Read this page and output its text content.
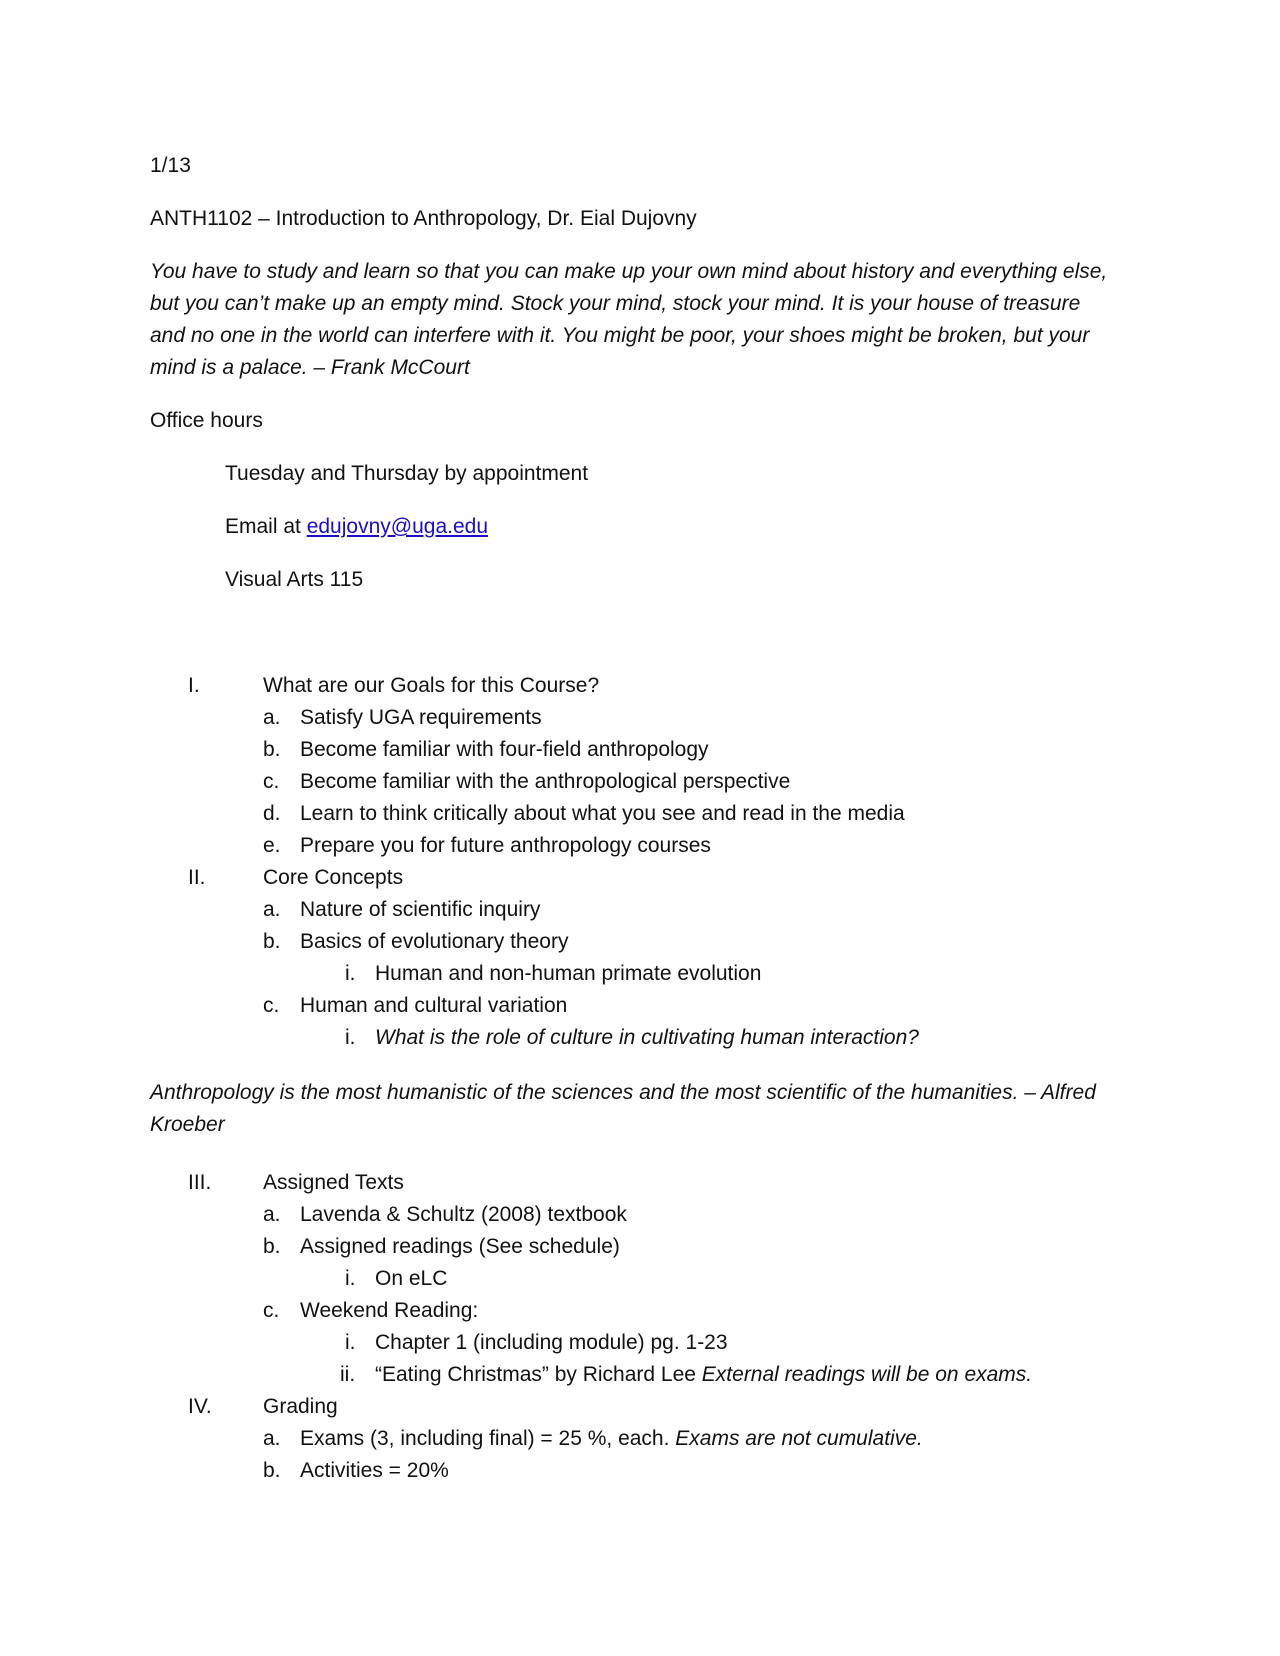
1/13
ANTH1102 – Introduction to Anthropology, Dr. Eial Dujovny
You have to study and learn so that you can make up your own mind about history and everything else, but you can’t make up an empty mind. Stock your mind, stock your mind. It is your house of treasure and no one in the world can interfere with it. You might be poor, your shoes might be broken, but your mind is a palace. – Frank McCourt
Office hours
Tuesday and Thursday by appointment
Email at edujovny@uga.edu
Visual Arts 115
I.	What are our Goals for this Course?
a. Satisfy UGA requirements
b. Become familiar with four-field anthropology
c. Become familiar with the anthropological perspective
d. Learn to think critically about what you see and read in the media
e. Prepare you for future anthropology courses
II.	Core Concepts
a. Nature of scientific inquiry
b. Basics of evolutionary theory
i. Human and non-human primate evolution
c. Human and cultural variation
i. What is the role of culture in cultivating human interaction?
Anthropology is the most humanistic of the sciences and the most scientific of the humanities. – Alfred Kroeber
III. Assigned Texts
a. Lavenda & Schultz (2008) textbook
b. Assigned readings (See schedule)
i. On eLC
c. Weekend Reading:
i. Chapter 1 (including module) pg. 1-23
ii. “Eating Christmas” by Richard Lee External readings will be on exams.
IV. Grading
a. Exams (3, including final) = 25 %, each. Exams are not cumulative.
b. Activities = 20%
